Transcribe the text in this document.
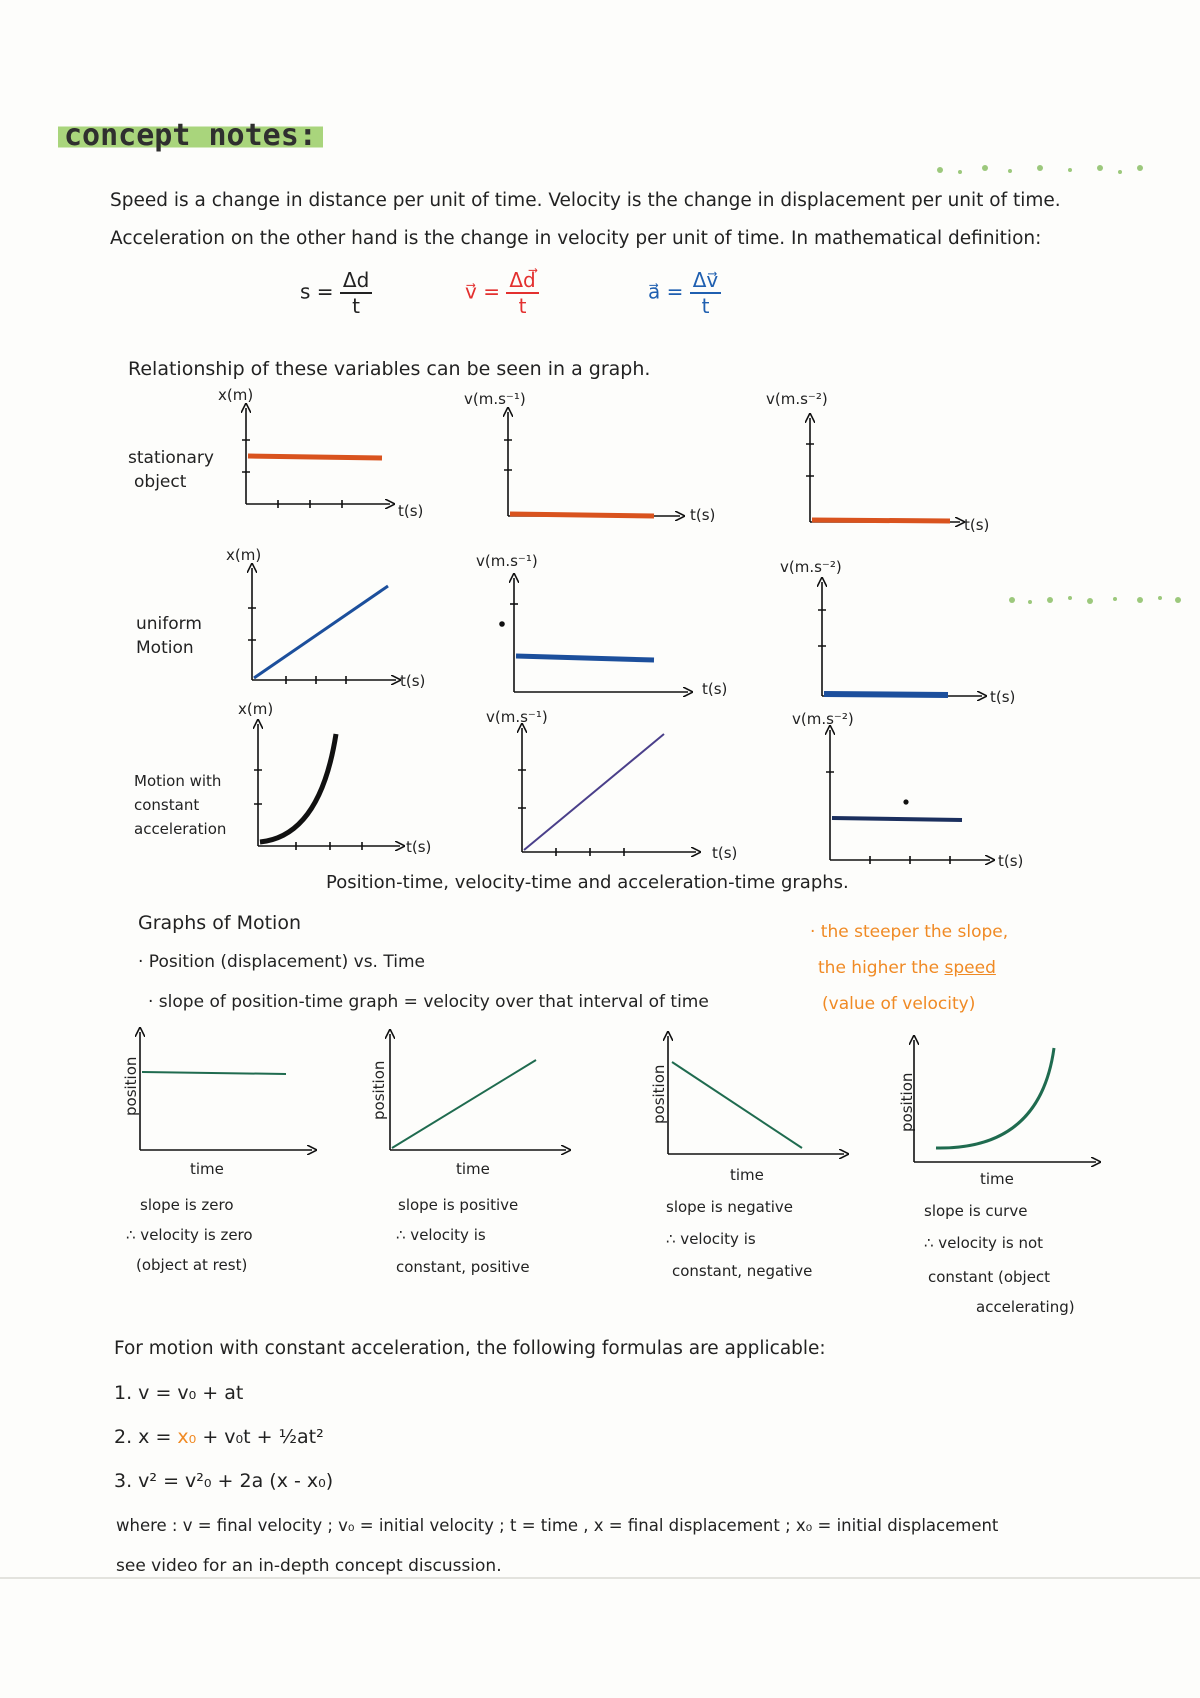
concept notes:
Speed is a change in distance per unit of time. Velocity is the change in displacement per unit of time.
Acceleration on the other hand is the change in velocity per unit of time. In mathematical definition:
$s = \frac{\Delta d}{t}$	v⃗ = $\frac{\Delta d⃗}{t}$	a⃗ = $\frac{\Delta v⃗}{t}$
Relationship of these variables can be seen in a graph.
stationary
object
uniform
Motion
Motion with
constant
acceleration
x(m)	v(m.s⁻¹)	v(m.s⁻²)
t(s)	t(s)
t(s)
x(m)	v(m.s⁻¹)	v(m.s⁻²)
t(s)	t(s)	t(s)
x(m)	v(m.s⁻¹)	v(m.s⁻²)
t(s)	t(s)	t(s)
Position-time, velocity-time and acceleration-time graphs.
Graphs of Motion
· Position (displacement) vs. Time
· slope of position-time graph = velocity over that interval of time
· the steeper the slope,
the higher the speed
(value of velocity)
position	position	position	position
time	time	time	time
slope is zero
∴ velocity is zero
(object at rest)
slope is positive
∴ velocity is
constant, positive
slope is negative
∴ velocity is
constant, negative
slope is curve
∴ velocity is not
constant (object
accelerating)
For motion with constant acceleration, the following formulas are applicable:
1. v = v₀ + at
2. x = x₀ + v₀t + ½at²
3. v² = v²₀ + 2a (x - x₀)
where : v = final velocity ; v₀ = initial velocity ; t = time , x = final displacement ; x₀ = initial displacement
see video for an in-depth concept discussion.
